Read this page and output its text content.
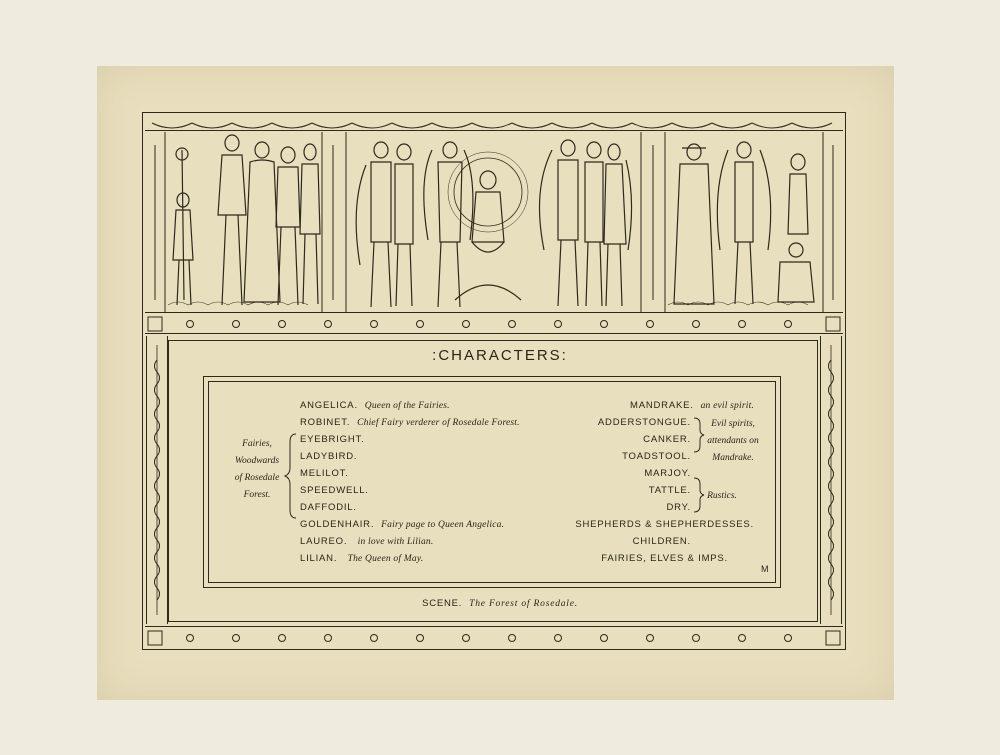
:CHARACTERS:
ANGELICA. Queen of the Fairies.
ROBINET. Chief Fairy verderer of Rosedale Forest.
EYEBRIGHT.
LADYBIRD.
MELILOT.
SPEEDWELL.
DAFFODIL.
GOLDENHAIR. Fairy page to Queen Angelica.
LAUREO. in love with Lilian.
LILIAN. The Queen of May.
Fairies,
Woodwards
of Rosedale
Forest.
MANDRAKE. an evil spirit.
ADDERSTONGUE.
CANKER.
TOADSTOOL.
MARJOY.
TATTLE.
DRY.
SHEPHERDS & SHEPHERDESSES.
CHILDREN.
FAIRIES, ELVES & IMPS.
Evil spirits,
attendants on
Mandrake.
Rustics.
M
SCENE. The Forest of Rosedale.
